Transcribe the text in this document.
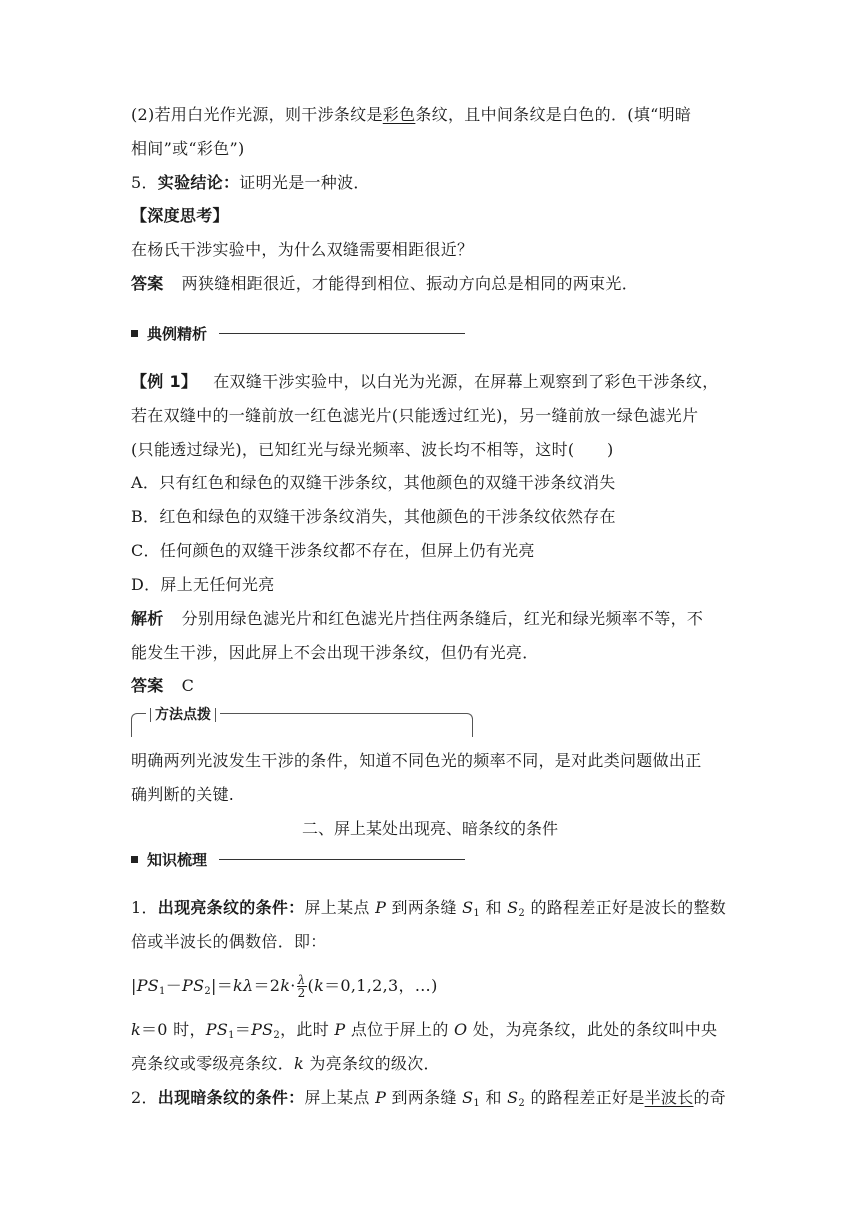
(2)若用白光作光源，则干涉条纹是彩色条纹，且中间条纹是白色的．(填“明暗
相间”或“彩色”)
5．实验结论：证明光是一种波．
【深度思考】
在杨氏干涉实验中，为什么双缝需要相距很近？
答案 两狭缝相距很近，才能得到相位、振动方向总是相同的两束光．
典例精析
【例 1】 在双缝干涉实验中，以白光为光源，在屏幕上观察到了彩色干涉条纹，
若在双缝中的一缝前放一红色滤光片(只能透过红光)，另一缝前放一绿色滤光片
(只能透过绿光)，已知红光与绿光频率、波长均不相等，这时(　　)
A．只有红色和绿色的双缝干涉条纹，其他颜色的双缝干涉条纹消失
B．红色和绿色的双缝干涉条纹消失，其他颜色的干涉条纹依然存在
C．任何颜色的双缝干涉条纹都不存在，但屏上仍有光亮
D．屏上无任何光亮
解析 分别用绿色滤光片和红色滤光片挡住两条缝后，红光和绿光频率不等，不
能发生干涉，因此屏上不会出现干涉条纹，但仍有光亮．
答案 C
方法点拨
明确两列光波发生干涉的条件，知道不同色光的频率不同，是对此类问题做出正
确判断的关键.
二、屏上某处出现亮、暗条纹的条件
知识梳理
1．出现亮条纹的条件：屏上某点 P 到两条缝 $S_1$ 和 $S_2$ 的路程差正好是波长的整数
倍或半波长的偶数倍．即：
$|PS_1-PS_2|=k\lambda=2k\cdot \frac{\lambda}{2} (k=0,1,2,3$，…)
k＝0 时，$PS_1=PS_2$，此时 P 点位于屏上的 O 处，为亮条纹，此处的条纹叫中央
亮条纹或零级亮条纹．k 为亮条纹的级次．
2．出现暗条纹的条件：屏上某点 P 到两条缝 $S_1$ 和 $S_2$ 的路程差正好是半波长的奇
